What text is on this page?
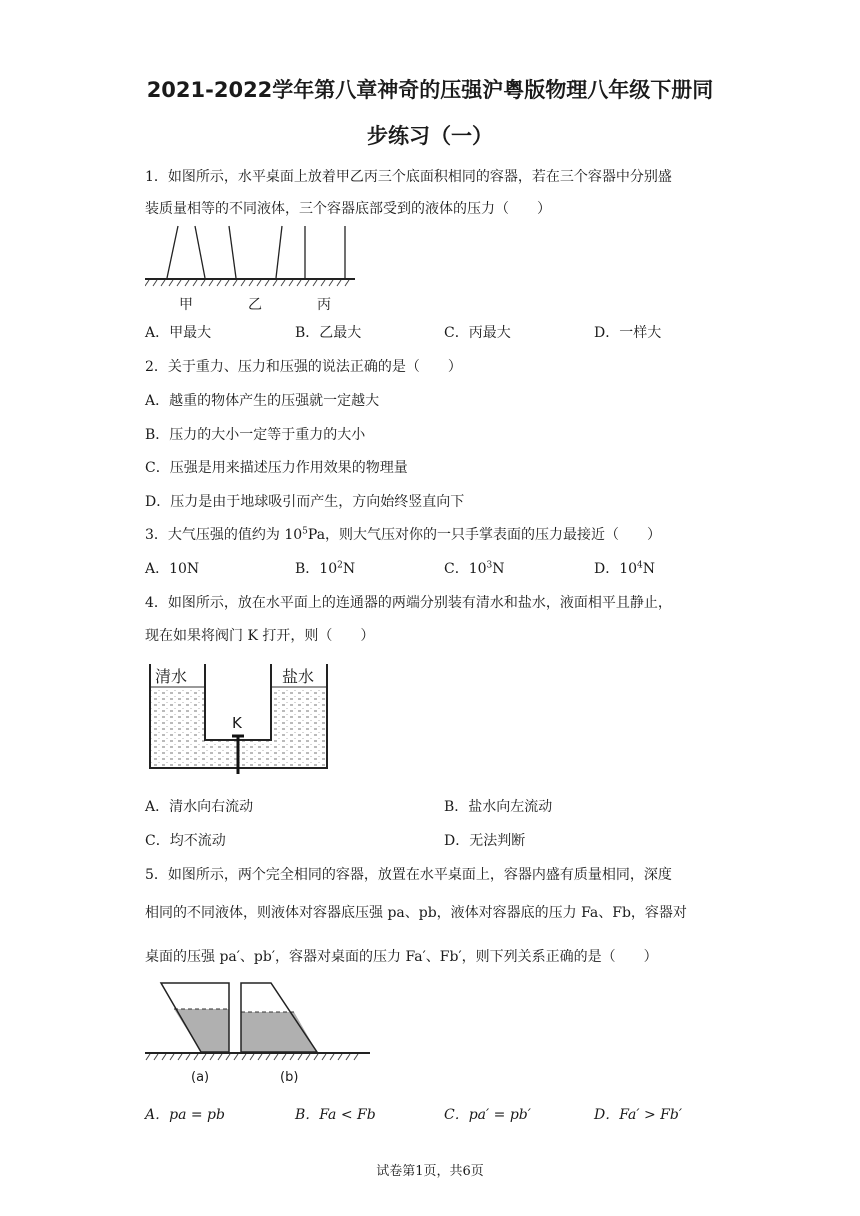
2021-2022学年第八章神奇的压强沪粤版物理八年级下册同
步练习（一）
1．如图所示，水平桌面上放着甲乙丙三个底面积相同的容器，若在三个容器中分别盛
装质量相等的不同液体，三个容器底部受到的液体的压力（　　）
甲	乙	丙
A．甲最大	B．乙最大	C．丙最大	D．一样大
2．关于重力、压力和压强的说法正确的是（　　）
A．越重的物体产生的压强就一定越大
B．压力的大小一定等于重力的大小
C．压强是用来描述压力作用效果的物理量
D．压力是由于地球吸引而产生，方向始终竖直向下
3．大气压强的值约为 $10^5Pa$，则大气压对你的一只手掌表面的压力最接近（　　）
A．10N	B．$10^2N$	C．$10^3N$	D．$10^4N$
4．如图所示，放在水平面上的连通器的两端分别装有清水和盐水，液面相平且静止，
现在如果将阀门 K 打开，则（　　）
清水	盐水
K
A．清水向右流动	B．盐水向左流动
C．均不流动	D．无法判断
5．如图所示，两个完全相同的容器，放置在水平桌面上，容器内盛有质量相同，深度
相同的不同液体，则液体对容器底压强 pa、pb，液体对容器底的压力 Fa、Fb，容器对
桌面的压强 pa′、pb′，容器对桌面的压力 Fa′、Fb′，则下列关系正确的是（　　）
(a)	(b)
A．pa = pb	B．Fa < Fb	C．pa′ = pb′	D．Fa′ > Fb′
试卷第1页，共6页
